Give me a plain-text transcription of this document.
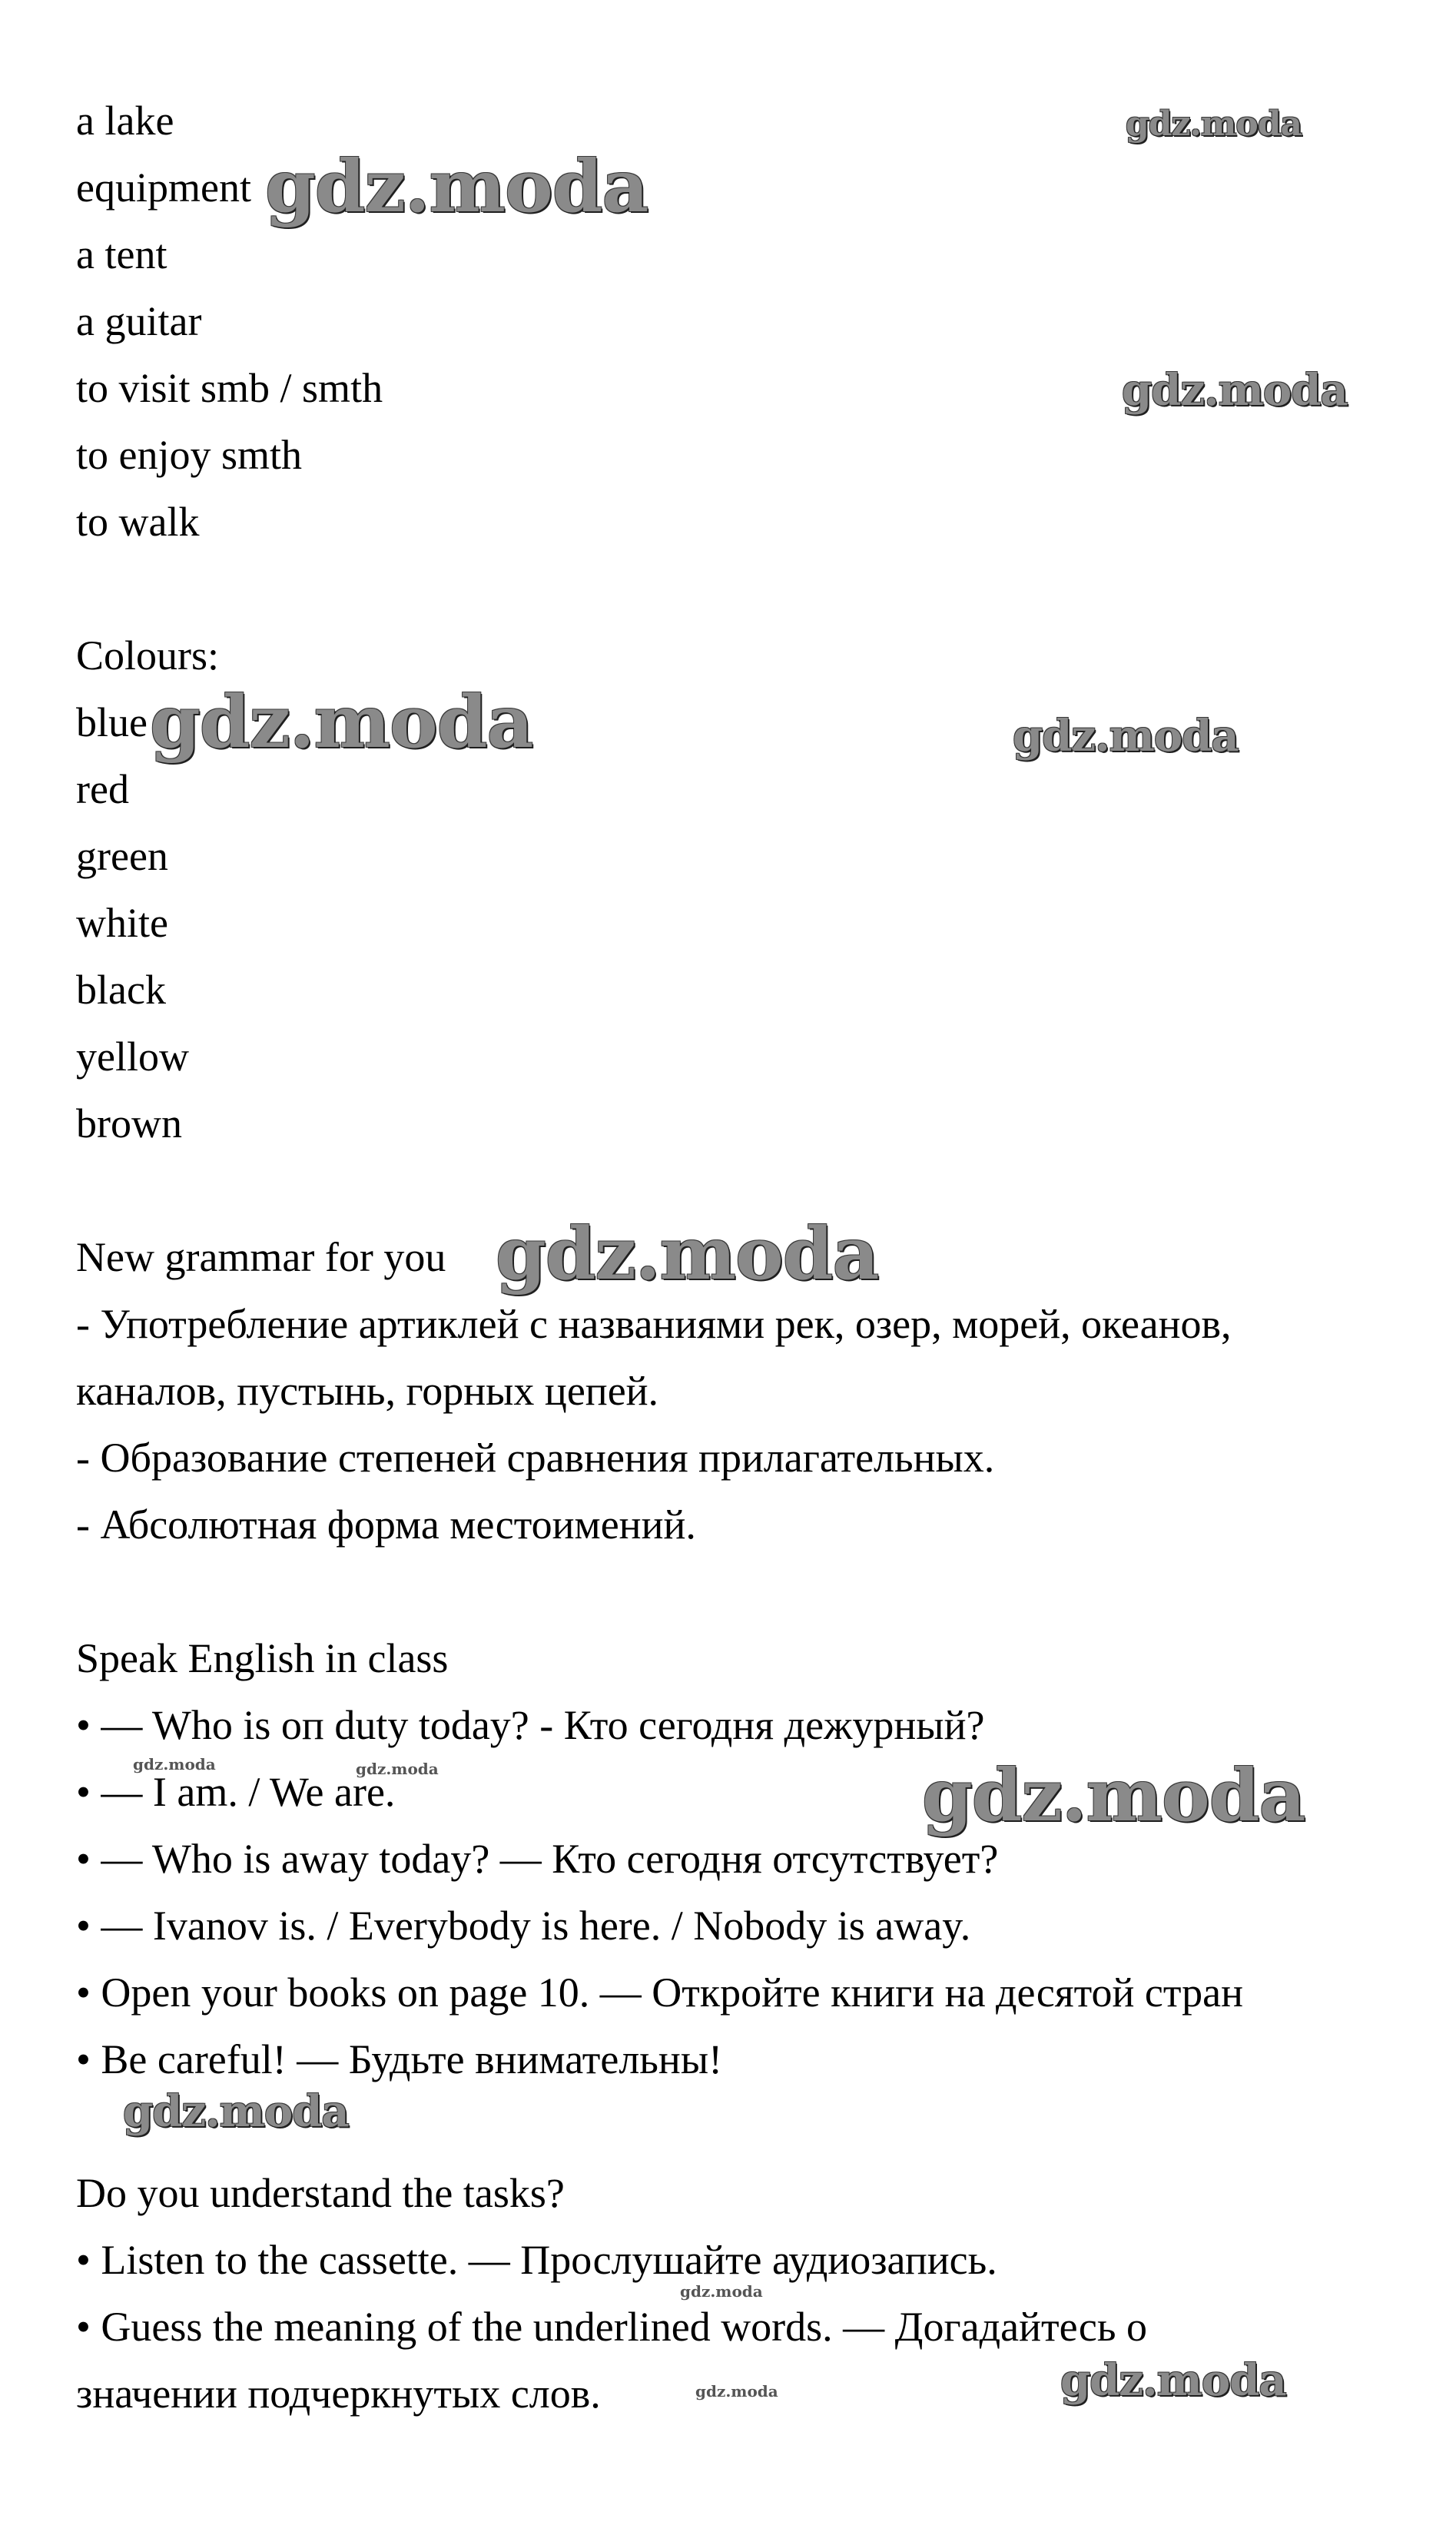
a lake

equipment

a tent

a guitar

to visit smb / smth

to enjoy smth

to walk

Colours:

blue

red

green

white

black

yellow

brown

New grammar for you

- Употребление артиклей с названиями рек, озер, морей, океанов,

каналов, пустынь, горных цепей.

- Образование степеней сравнения прилагательных.

- Абсолютная форма местоимений.

Speak English in class

• — Who is оп duty today? - Кто сегодня дежурный?

• — I am. / We are.

• — Who is away today? — Кто сегодня отсутствует?

• — Ivanov is. / Everybody is here. / Nobody is away.

• Open your books on page 10. — Откройте книги на десятой стран

• Be careful! — Будьте внимательны!

Do you understand the tasks?

• Listen to the cassette. — Прослушайте аудиозапись.

• Guess the meaning of the underlined words. — Догадайтесь о

значении подчеркнутых слов.

gdz.moda
gdz.moda
gdz.moda
gdz.moda	gdz.moda
gdz.moda
gdz.moda	gdz.moda	gdz.moda
gdz.moda
gdz.moda
gdz.moda
gdz.moda
